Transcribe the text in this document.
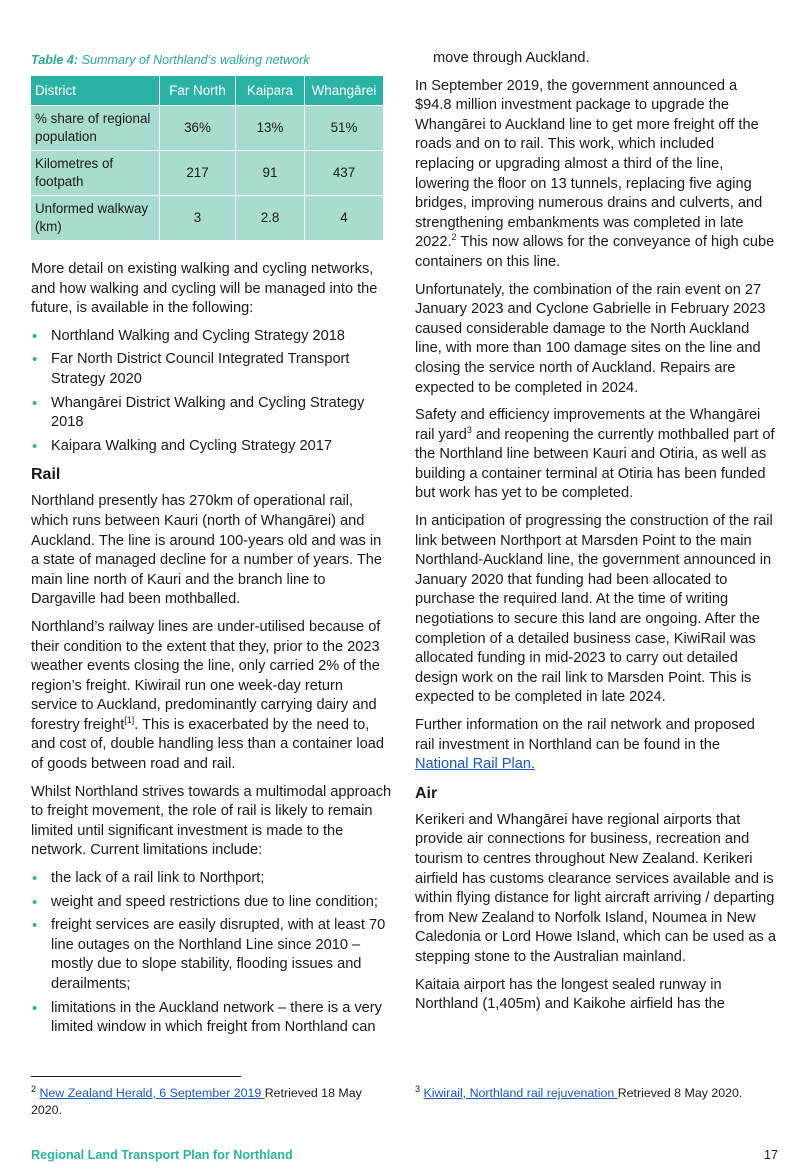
Table 4: Summary of Northland’s walking network
District	Far North	Kaipara	Whangārei
% share of regional population	36%	13%	51%
Kilometres of footpath	217	91	437
Unformed walkway (km)	3	2.8	4

More detail on existing walking and cycling networks, and how walking and cycling will be managed into the future, is available in the following:

• Northland Walking and Cycling Strategy 2018
• Far North District Council Integrated Transport Strategy 2020
• Whangārei District Walking and Cycling Strategy 2018
• Kaipara Walking and Cycling Strategy 2017
Rail

Northland presently has 270km of operational rail, which runs between Kauri (north of Whangārei) and Auckland. The line is around 100-years old and was in a state of managed decline for a number of years. The main line north of Kauri and the branch line to Dargaville had been mothballed.

Northland’s railway lines are under-utilised because of their condition to the extent that they, prior to the 2023 weather events closing the line, only carried 2% of the region’s freight. Kiwirail run one week-day return service to Auckland, predominantly carrying dairy and forestry freight[1]. This is exacerbated by the need to, and cost of, double handling less than a container load of goods between road and rail.

Whilst Northland strives towards a multimodal approach to freight movement, the role of rail is likely to remain limited until significant investment is made to the network. Current limitations include:

• the lack of a rail link to Northport;
• weight and speed restrictions due to line condition;
• freight services are easily disrupted, with at least 70 line outages on the Northland Line since 2010 – mostly due to slope stability, flooding issues and derailments;
• limitations in the Auckland network – there is a very limited window in which freight from Northland can

move through Auckland.

In September 2019, the government announced a $94.8 million investment package to upgrade the Whangārei to Auckland line to get more freight off the roads and on to rail. This work, which included replacing or upgrading almost a third of the line, lowering the floor on 13 tunnels, replacing five aging bridges, improving numerous drains and culverts, and strengthening embankments was completed in late 2022.$^2$ This now allows for the conveyance of high cube containers on this line.

Unfortunately, the combination of the rain event on 27 January 2023 and Cyclone Gabrielle in February 2023 caused considerable damage to the North Auckland line, with more than 100 damage sites on the line and closing the service north of Auckland. Repairs are expected to be completed in 2024.

Safety and efficiency improvements at the Whangārei rail yard$^3$ and reopening the currently mothballed part of the Northland line between Kauri and Otiria, as well as building a container terminal at Otiria has been funded but work has yet to be completed.

In anticipation of progressing the construction of the rail link between Northport at Marsden Point to the main Northland-Auckland line, the government announced in January 2020 that funding had been allocated to purchase the required land. At the time of writing negotiations to secure this land are ongoing. After the completion of a detailed business case, KiwiRail was allocated funding in mid-2023 to carry out detailed design work on the rail link to Marsden Point. This is expected to be completed in late 2024.

Further information on the rail network and proposed rail investment in Northland can be found in the National Rail Plan.

Air

Kerikeri and Whangārei have regional airports that provide air connections for business, recreation and tourism to centres throughout New Zealand. Kerikeri airfield has customs clearance services available and is within flying distance for light aircraft arriving / departing from New Zealand to Norfolk Island, Noumea in New Caledonia or Lord Howe Island, which can be used as a stepping stone to the Australian mainland.

Kaitaia airport has the longest sealed runway in Northland (1,405m) and Kaikohe airfield has the

$^2$ New Zealand Herald, 6 September 2019 Retrieved 18 May 2020.
$^3$ Kiwirail, Northland rail rejuvenation Retrieved 8 May 2020.
Regional Land Transport Plan for Northland	17
